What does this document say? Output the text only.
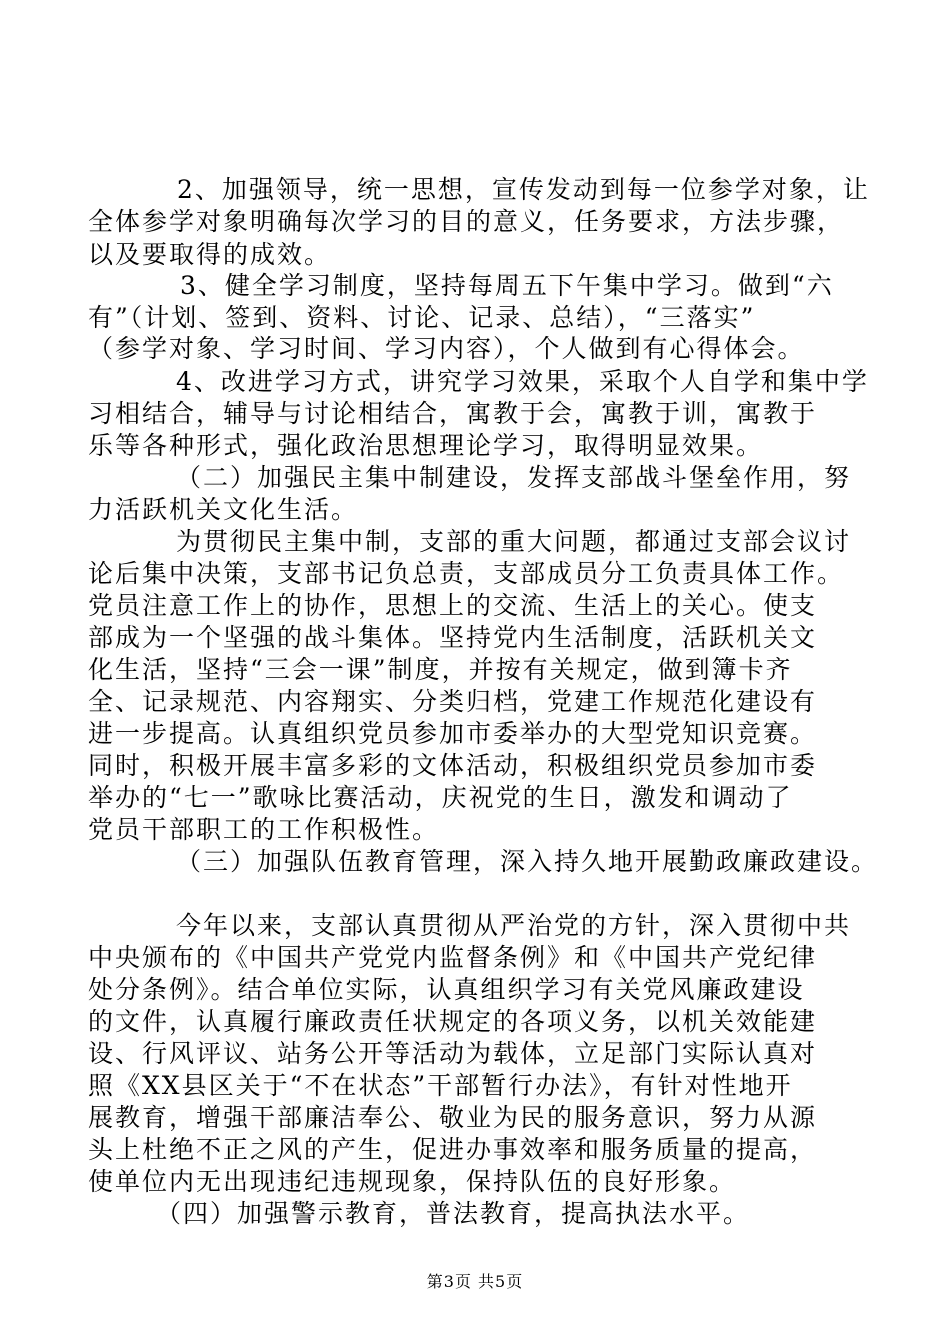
2、加强领导，统一思想，宣传发动到每一位参学对象，让

全体参学对象明确每次学习的目的意义，任务要求，方法步骤，

以及要取得的成效。

3、健全学习制度，坚持每周五下午集中学习。做到“六

有”（计划、签到、资料、讨论、记录、总结），“三落实”

（参学对象、学习时间、学习内容），个人做到有心得体会。

4、改进学习方式，讲究学习效果，采取个人自学和集中学

习相结合，辅导与讨论相结合，寓教于会，寓教于训，寓教于

乐等各种形式，强化政治思想理论学习，取得明显效果。

（二）加强民主集中制建设，发挥支部战斗堡垒作用，努

力活跃机关文化生活。

为贯彻民主集中制，支部的重大问题，都通过支部会议讨

论后集中决策，支部书记负总责，支部成员分工负责具体工作。

党员注意工作上的协作，思想上的交流、生活上的关心。使支

部成为一个坚强的战斗集体。坚持党内生活制度，活跃机关文

化生活，坚持“三会一课”制度，并按有关规定，做到簿卡齐

全、记录规范、内容翔实、分类归档，党建工作规范化建设有

进一步提高。认真组织党员参加市委举办的大型党知识竞赛。

同时，积极开展丰富多彩的文体活动，积极组织党员参加市委

举办的“七一”歌咏比赛活动，庆祝党的生日，激发和调动了

党员干部职工的工作积极性。

（三）加强队伍教育管理，深入持久地开展勤政廉政建设。

今年以来，支部认真贯彻从严治党的方针，深入贯彻中共

中央颁布的《中国共产党党内监督条例》和《中国共产党纪律

处分条例》。结合单位实际，认真组织学习有关党风廉政建设

的文件，认真履行廉政责任状规定的各项义务，以机关效能建

设、行风评议、站务公开等活动为载体，立足部门实际认真对

照《XX县区关于“不在状态”干部暂行办法》，有针对性地开

展教育，增强干部廉洁奉公、敬业为民的服务意识，努力从源

头上杜绝不正之风的产生，促进办事效率和服务质量的提高，

使单位内无出现违纪违规现象，保持队伍的良好形象。

（四）加强警示教育，普法教育，提高执法水平。

第3页 共5页
